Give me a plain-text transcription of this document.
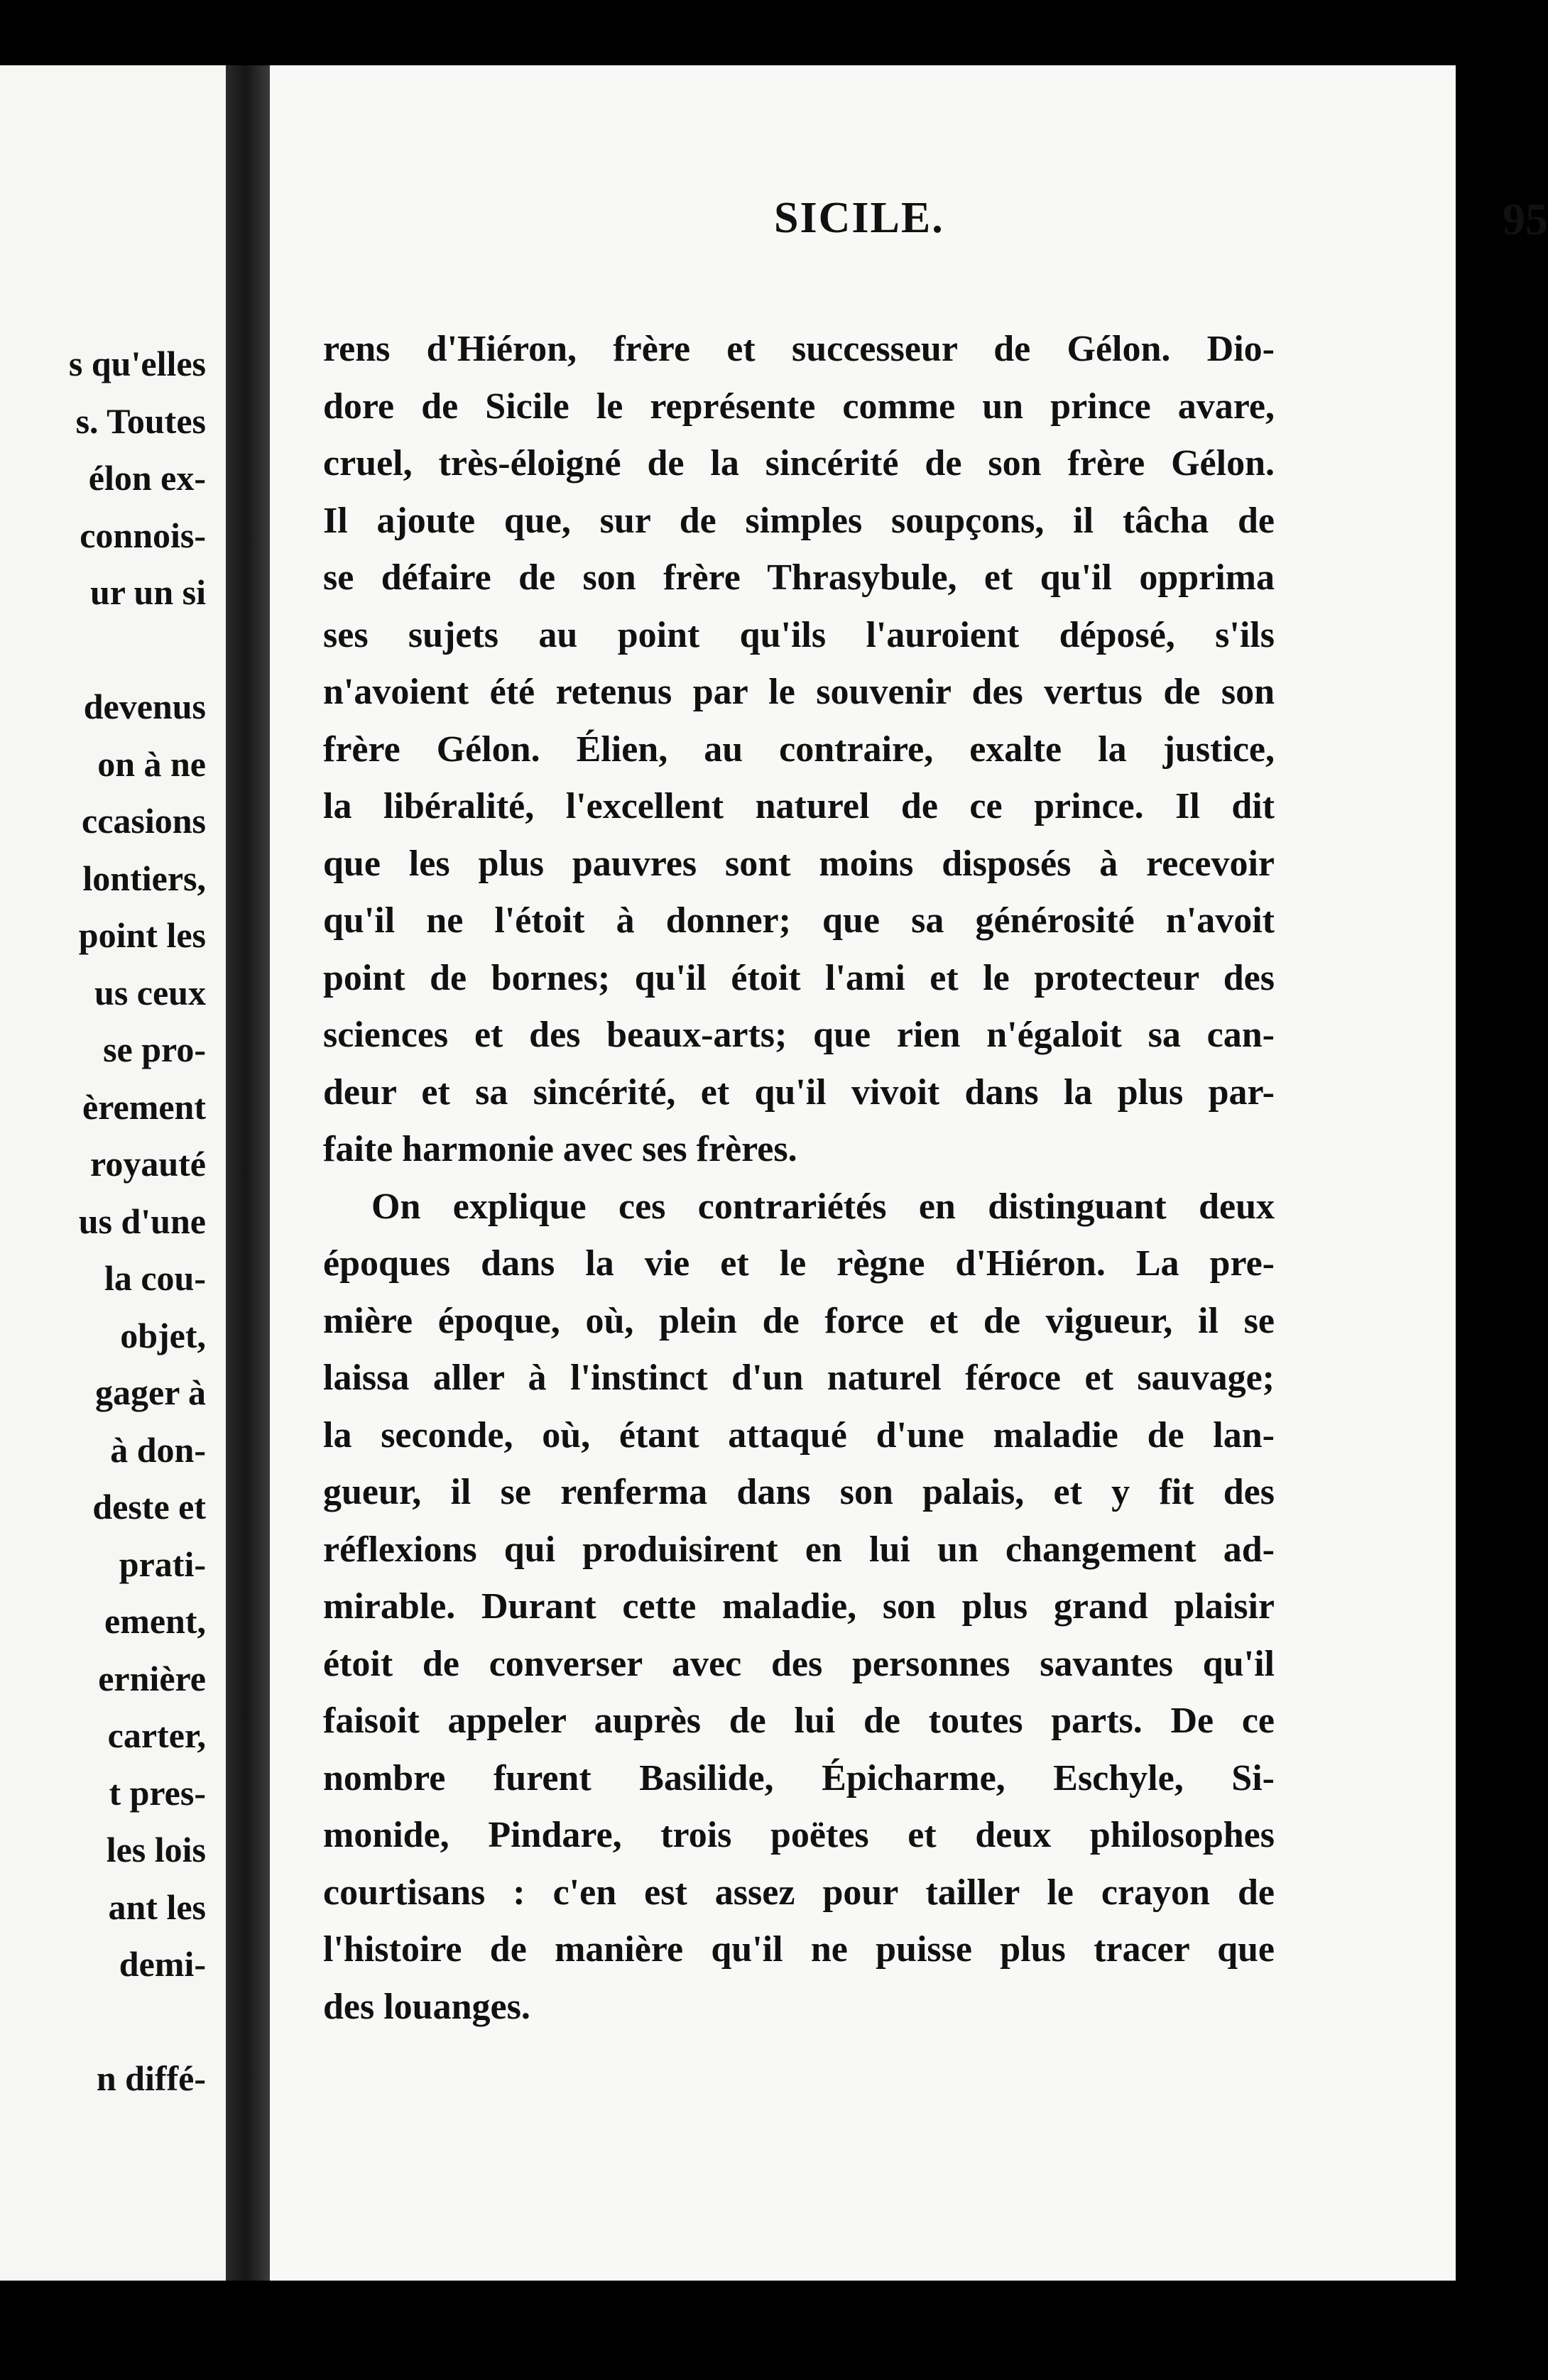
s qu'elles
s. Toutes
élon ex-
connois-
ur un si

devenus
on à ne
ccasions
lontiers,
point les
us ceux
se pro-
èrement
royauté
us d'une
la cou-
objet,
gager à
à don-
deste et
prati-
ement,
ernière
carter,
t pres-
les lois
ant les
demi-

n diffé-
SICILE.	95
rens d'Hiéron, frère et successeur de Gélon. Dio-
dore de Sicile le représente comme un prince avare,
cruel, très-éloigné de la sincérité de son frère Gélon.
Il ajoute que, sur de simples soupçons, il tâcha de
se défaire de son frère Thrasybule, et qu'il opprima
ses sujets au point qu'ils l'auroient déposé, s'ils
n'avoient été retenus par le souvenir des vertus de son
frère Gélon. Élien, au contraire, exalte la justice,
la libéralité, l'excellent naturel de ce prince. Il dit
que les plus pauvres sont moins disposés à recevoir
qu'il ne l'étoit à donner; que sa générosité n'avoit
point de bornes; qu'il étoit l'ami et le protecteur des
sciences et des beaux-arts; que rien n'égaloit sa can-
deur et sa sincérité, et qu'il vivoit dans la plus par-
faite harmonie avec ses frères.
On explique ces contrariétés en distinguant deux
époques dans la vie et le règne d'Hiéron. La pre-
mière époque, où, plein de force et de vigueur, il se
laissa aller à l'instinct d'un naturel féroce et sauvage;
la seconde, où, étant attaqué d'une maladie de lan-
gueur, il se renferma dans son palais, et y fit des
réflexions qui produisirent en lui un changement ad-
mirable. Durant cette maladie, son plus grand plaisir
étoit de converser avec des personnes savantes qu'il
faisoit appeler auprès de lui de toutes parts. De ce
nombre furent Basilide, Épicharme, Eschyle, Si-
monide, Pindare, trois poëtes et deux philosophes
courtisans : c'en est assez pour tailler le crayon de
l'histoire de manière qu'il ne puisse plus tracer que
des louanges.
